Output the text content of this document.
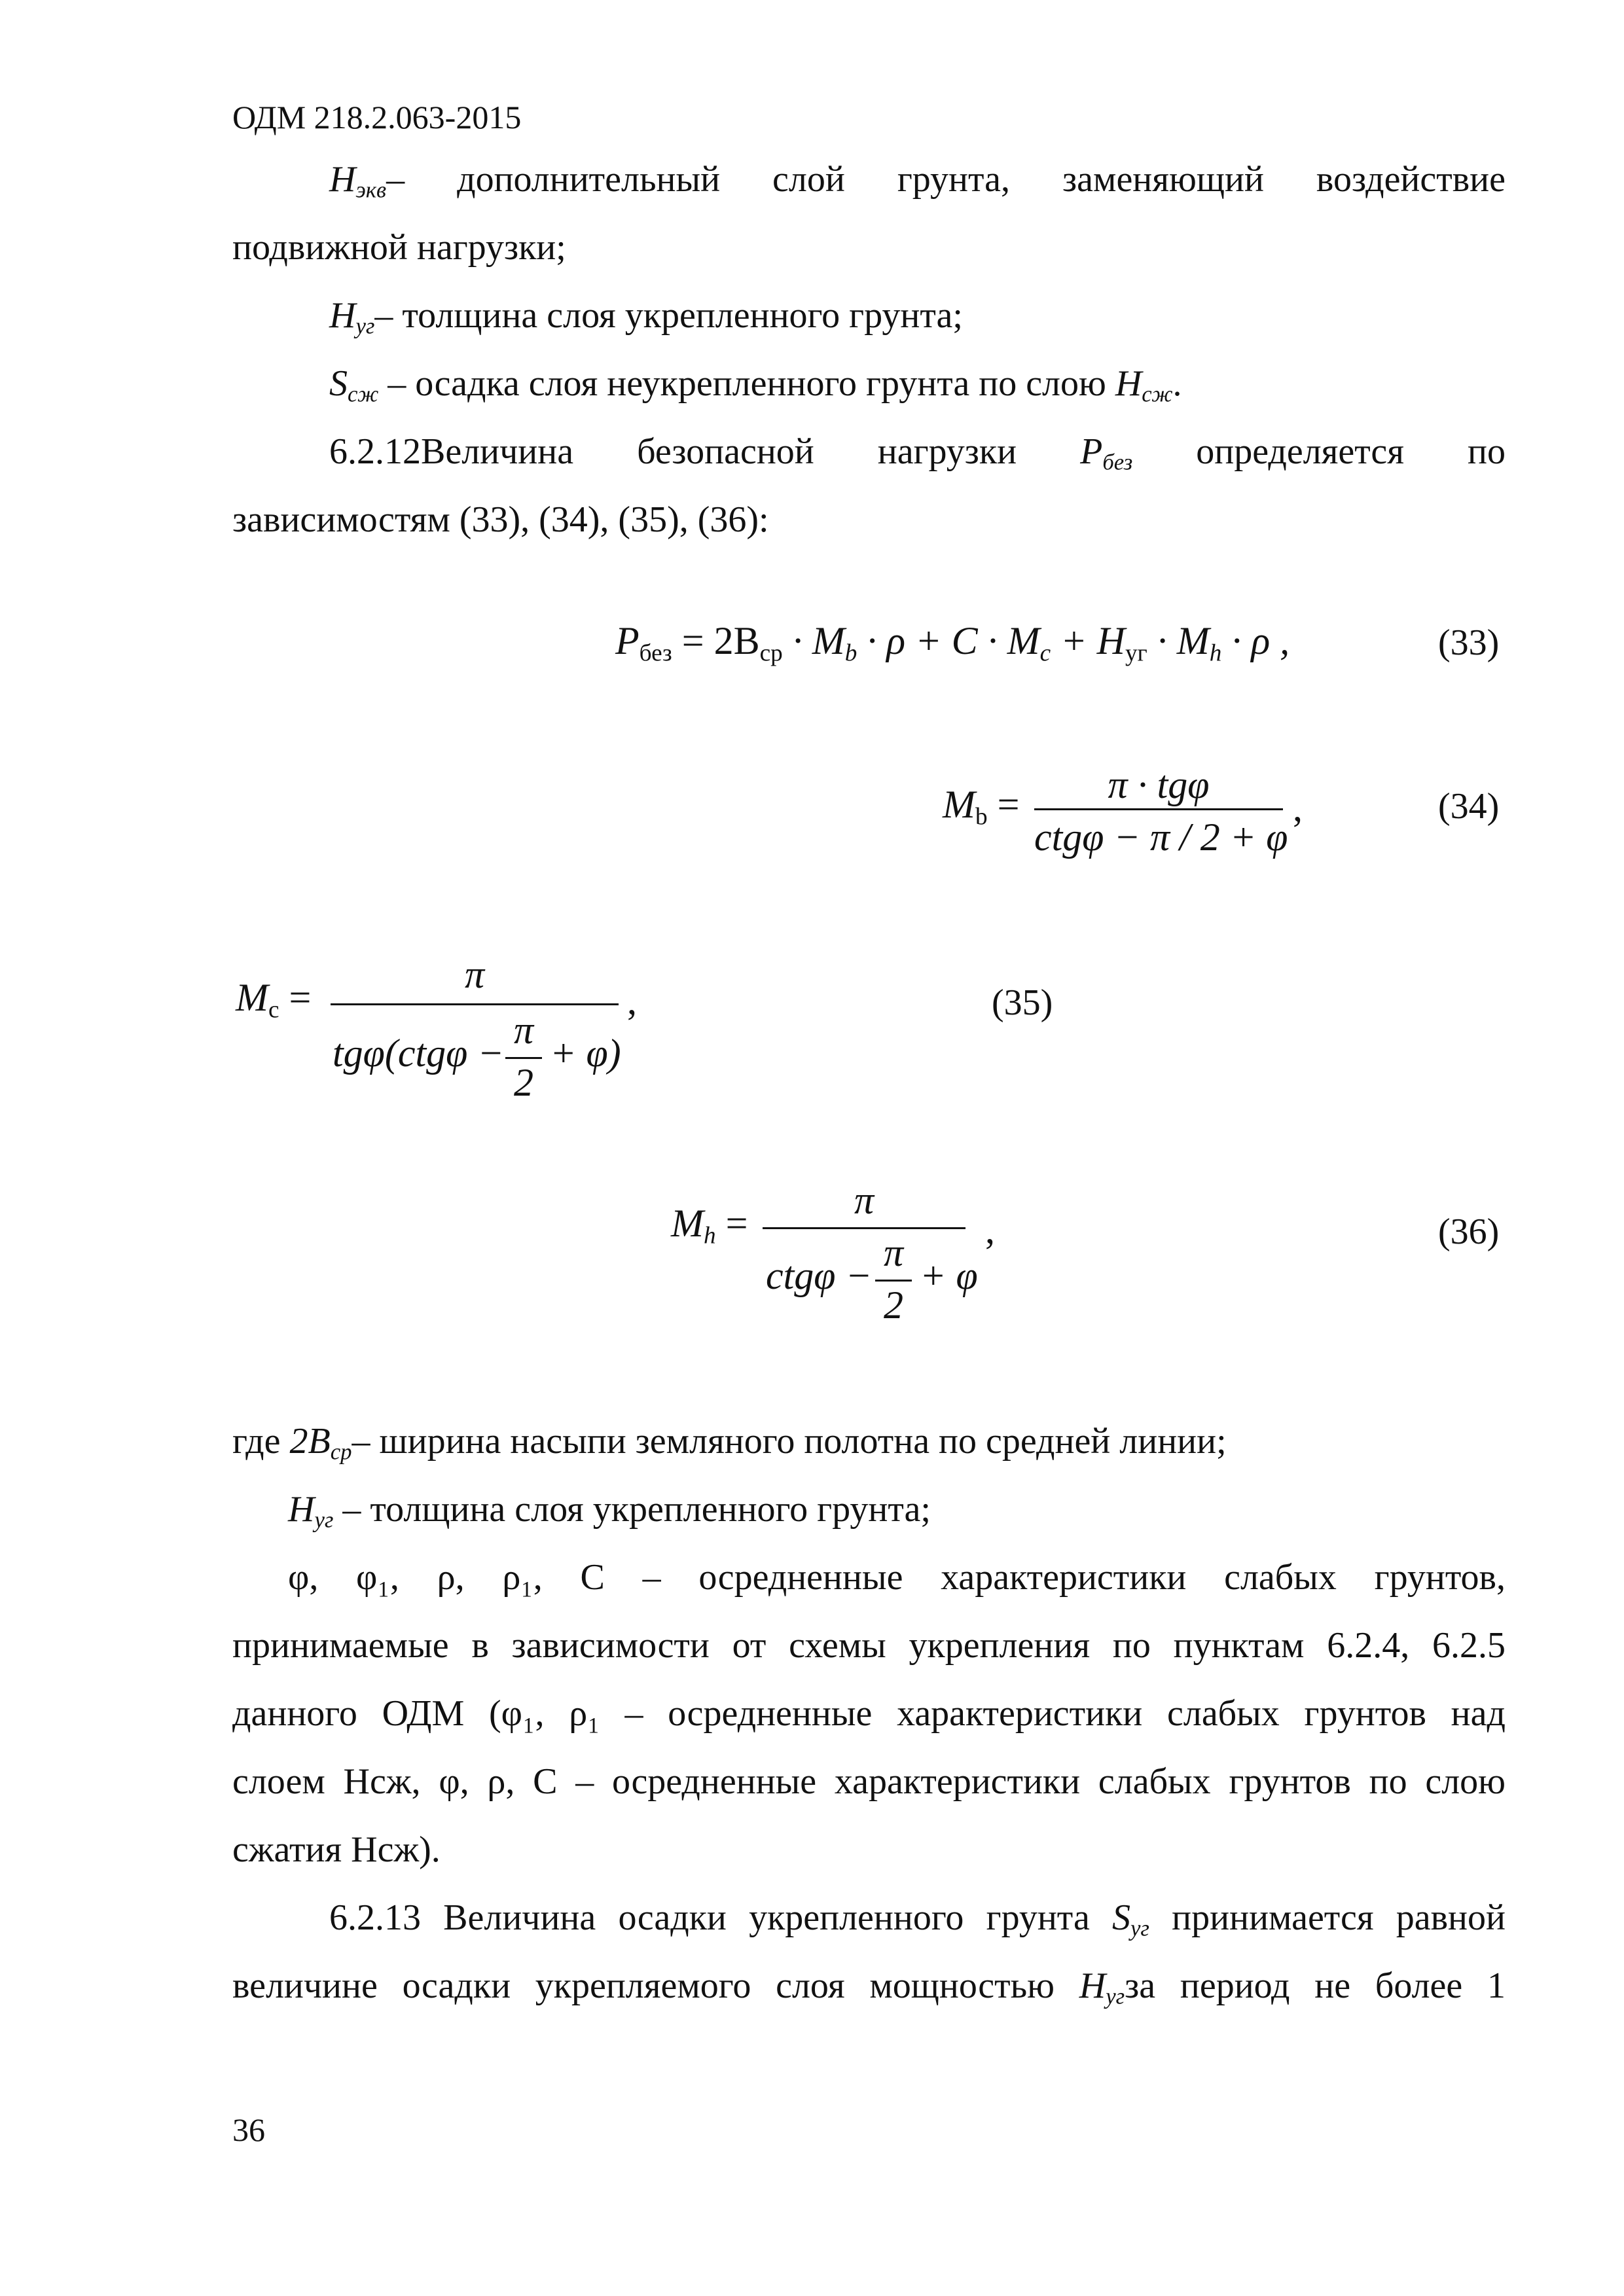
ОДМ 218.2.063-2015
$H_{экв}-$ дополнительный слой грунта, заменяющий воздействие
подвижной нагрузки;
$H_{уг}-$ толщина слоя укрепленного грунта;
$S_{сж}$ – осадка слоя неукрепленного грунта по слою $H_{сж}$.
6.2.12Величина безопасной нагрузки $P_{без}$ определяется по
зависимостям (33), (34), (35), (36):
$P_{без} = 2B_{ср} \cdot M_b \cdot \rho + C \cdot M_c + H_{уг} \cdot M_h \cdot \rho$ ,	(33)
$M_b$ =	π · tgφ
ctgφ − π / 2 + φ
,	(34)
$M_c$ =
π
tgφ(ctgφ −
π
2
+ φ)
,	(35)
$M_h$ =
π
ctgφ −
π
2
+ φ
,	(36)
где $2B_{ср}-$ ширина насыпи земляного полотна по средней линии;
$H_{уг}$ – толщина слоя укрепленного грунта;
φ, φ₁, ρ, ρ₁, С – осредненные характеристики слабых грунтов,
принимаемые в зависимости от схемы укрепления по пунктам 6.2.4, 6.2.5
данного ОДМ (φ₁, ρ₁ – осредненные характеристики слабых грунтов над
слоем Hсж, φ, ρ, С – осредненные характеристики слабых грунтов по слою
сжатия Hсж).
6.2.13 Величина осадки укрепленного грунта $S_{уг}$ принимается равной
величине осадки укрепляемого слоя мощностью $H_{уг}за$ период не более 1
36
